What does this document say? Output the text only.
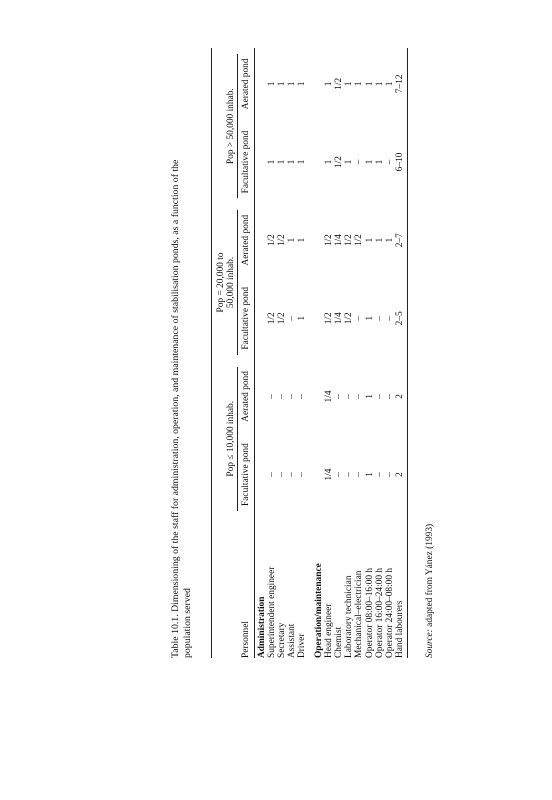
Table 10.1. Dimensioning of the staff for administration, operation, and maintenance of stabilisation ponds, as a function of the population served

	Pop ≤ 10,000 inhab.		Pop = 20,000 to 50,000 inhab.		Pop > 50,000 inhab.	

Personnel	Facultative pond	Aerated pond	Facultative pond	Aerated pond	Facultative pond	Aerated pond
Administration						
Superintendent engineer	–	–	1/2	1/2	1	1
Secretary	–	–	1/2	1/2	1	1
Assistant	–	–	–	1	1	1
Driver	–	–	1	1	1	1

Operation/maintenance						
Head engineer	1/4	1/4	1/2	1/2	1	1
Chemist	–	–	1/4	1/4	1/2	1/2
Laboratory technician	–	–	1/2	1/2	1	1
Mechanical–electrician	–	–	–	1/2	–	1
Operator 08:00–16:00 h	1	1	1	1	1	1
Operator 16:00–24:00 h	–	–	–	1	1	1
Operator 24:00–08:00 h	–	–	–	1	–	1
Hand labourers	2	2	2–5	2–7	6–10	7–12
Source: adapted from Yánez (1993)
